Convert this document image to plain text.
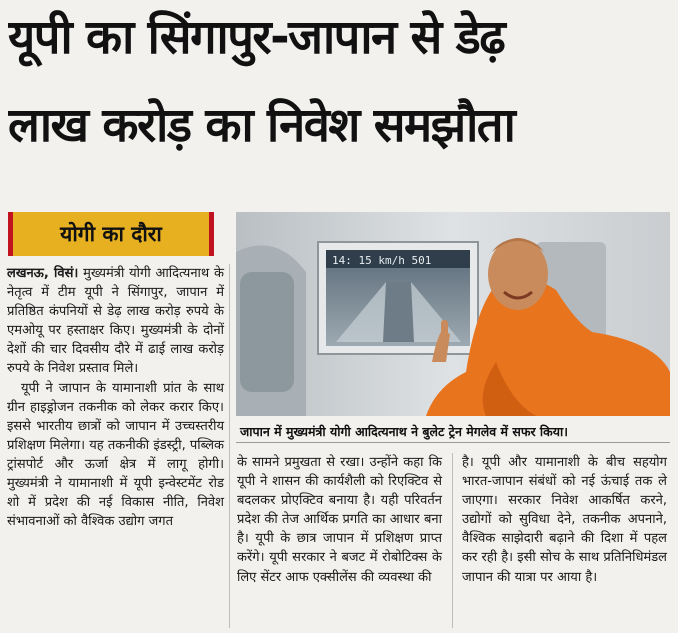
यूपी का सिंगापुर-जापान से डेढ़
लाख करोड़ का निवेश समझौता
योगी का दौरा

लखनऊ, विसं। मुख्यमंत्री योगी आदित्यनाथ के नेतृत्व में टीम यूपी ने सिंगापुर, जापान में प्रतिष्ठित कंपनियों से डेढ़ लाख करोड़ रुपये के एमओयू पर हस्ताक्षर किए। मुख्यमंत्री के दोनों देशों की चार दिवसीय दौरे में ढाई लाख करोड़ रुपये के निवेश प्रस्ताव मिले।

यूपी ने जापान के यामानाशी प्रांत के साथ ग्रीन हाइड्रोजन तकनीक को लेकर करार किए। इससे भारतीय छात्रों को जापान में उच्चस्तरीय प्रशिक्षण मिलेगा। यह तकनीकी इंडस्ट्री, पब्लिक ट्रांसपोर्ट और ऊर्जा क्षेत्र में लागू होगी। मुख्यमंत्री ने यामानाशी में यूपी इन्वेस्टमेंट रोड शो में प्रदेश की नई विकास नीति, निवेश संभावनाओं को वैश्विक उद्योग जगत

14: 15 km/h 501
जापान में मुख्यमंत्री योगी आदित्यनाथ ने बुलेट ट्रेन मेगलेव में सफर किया।

के सामने प्रमुखता से रखा। उन्होंने कहा कि यूपी ने शासन की कार्यशैली को रिएक्टिव से बदलकर प्रोएक्टिव बनाया है। यही परिवर्तन प्रदेश की तेज आर्थिक प्रगति का आधार बना है। यूपी के छात्र जापान में प्रशिक्षण प्राप्त करेंगे। यूपी सरकार ने बजट में रोबोटिक्स के लिए सेंटर आफ एक्सीलेंस की व्यवस्था की

है। यूपी और यामानाशी के बीच सहयोग भारत-जापान संबंधों को नई ऊंचाई तक ले जाएगा। सरकार निवेश आकर्षित करने, उद्योगों को सुविधा देने, तकनीक अपनाने, वैश्विक साझेदारी बढ़ाने की दिशा में पहल कर रही है। इसी सोच के साथ प्रतिनिधिमंडल जापान की यात्रा पर आया है।
